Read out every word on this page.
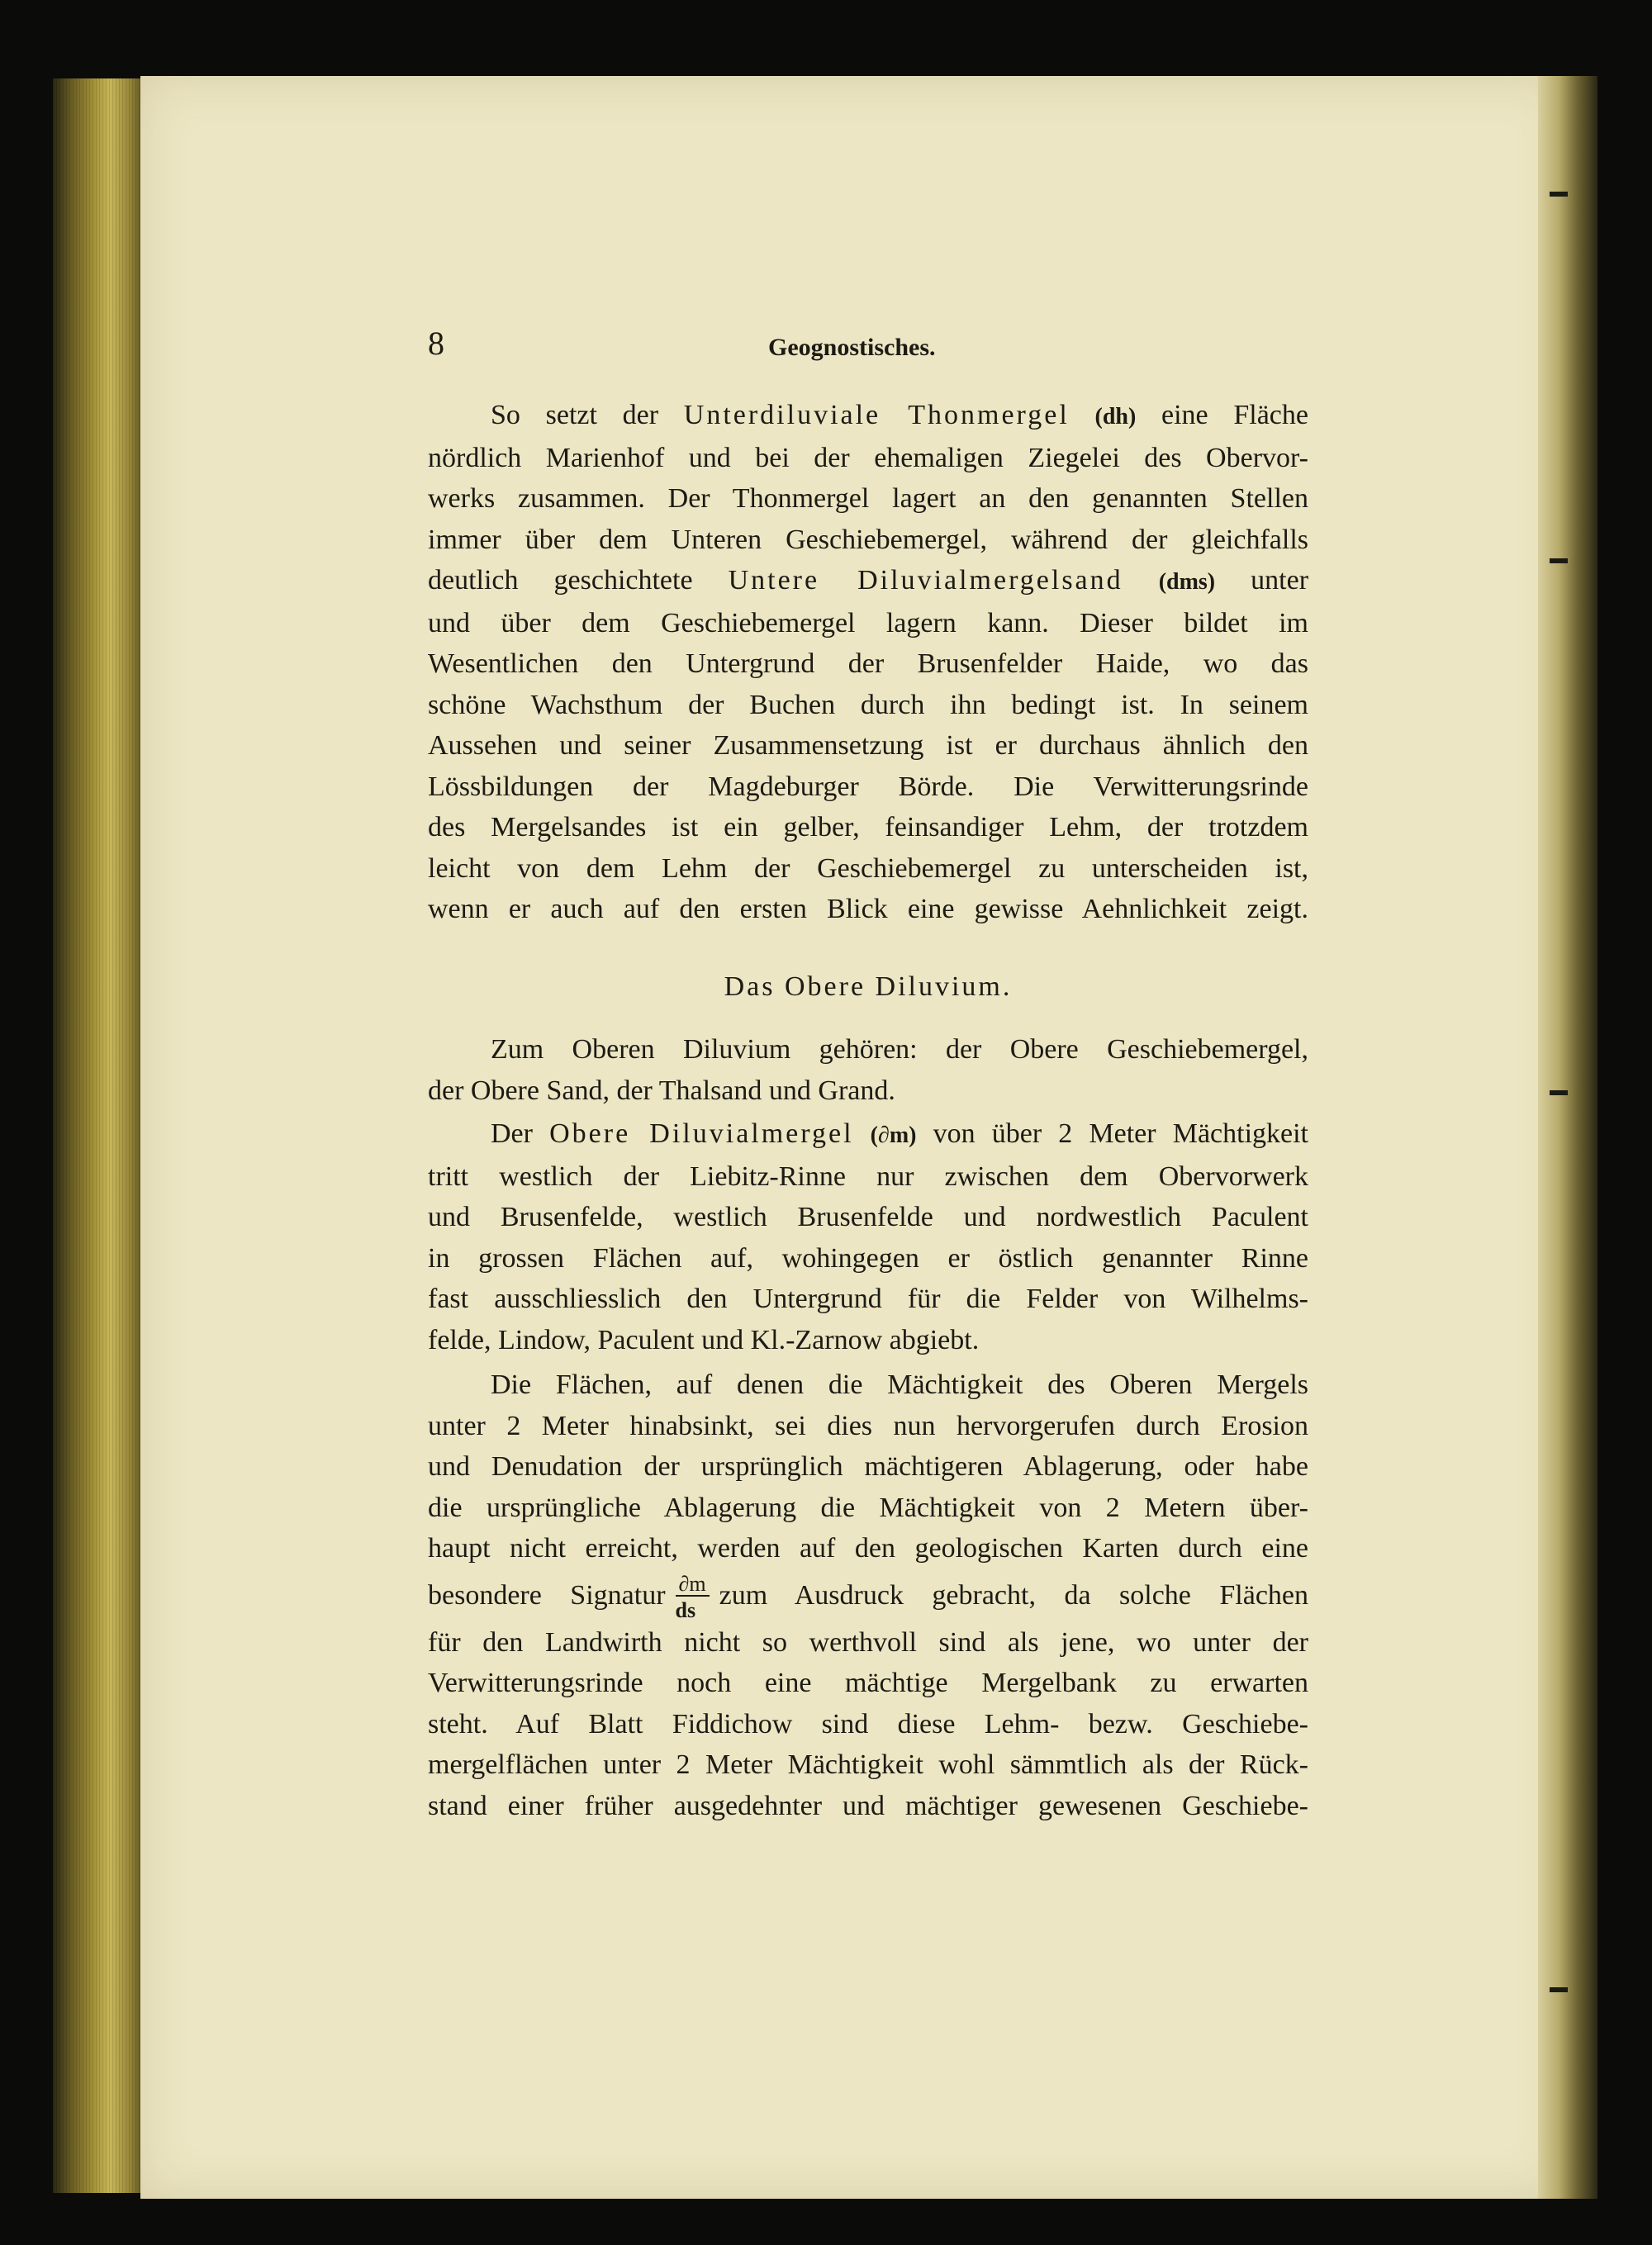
8	Geognostisches.
So setzt der Unterdiluviale Thonmergel (dh) eine Fläche
nördlich Marienhof und bei der ehemaligen Ziegelei des Obervor-
werks zusammen. Der Thonmergel lagert an den genannten Stellen
immer über dem Unteren Geschiebemergel, während der gleichfalls
deutlich geschichtete Untere Diluvialmergelsand (dms) unter
und über dem Geschiebemergel lagern kann. Dieser bildet im
Wesentlichen den Untergrund der Brusenfelder Haide, wo das
schöne Wachsthum der Buchen durch ihn bedingt ist. In seinem
Aussehen und seiner Zusammensetzung ist er durchaus ähnlich den
Lössbildungen der Magdeburger Börde. Die Verwitterungsrinde
des Mergelsandes ist ein gelber, feinsandiger Lehm, der trotzdem
leicht von dem Lehm der Geschiebemergel zu unterscheiden ist,
wenn er auch auf den ersten Blick eine gewisse Aehnlichkeit zeigt.
Das Obere Diluvium.
Zum Oberen Diluvium gehören: der Obere Geschiebemergel,
der Obere Sand, der Thalsand und Grand.
Der Obere Diluvialmergel (∂m) von über 2 Meter Mächtigkeit
tritt westlich der Liebitz-Rinne nur zwischen dem Obervorwerk
und Brusenfelde, westlich Brusenfelde und nordwestlich Paculent
in grossen Flächen auf, wohingegen er östlich genannter Rinne
fast ausschliesslich den Untergrund für die Felder von Wilhelms-
felde, Lindow, Paculent und Kl.-Zarnow abgiebt.
Die Flächen, auf denen die Mächtigkeit des Oberen Mergels
unter 2 Meter hinabsinkt, sei dies nun hervorgerufen durch Erosion
und Denudation der ursprünglich mächtigeren Ablagerung, oder habe
die ursprüngliche Ablagerung die Mächtigkeit von 2 Metern über-
haupt nicht erreicht, werden auf den geologischen Karten durch eine
besondere Signatur $\frac{\partial m}{ds}$ zum Ausdruck gebracht, da solche Flächen
für den Landwirth nicht so werthvoll sind als jene, wo unter der
Verwitterungsrinde noch eine mächtige Mergelbank zu erwarten
steht. Auf Blatt Fiddichow sind diese Lehm- bezw. Geschiebe-
mergelflächen unter 2 Meter Mächtigkeit wohl sämmtlich als der Rück-
stand einer früher ausgedehnter und mächtiger gewesenen Geschiebe-
